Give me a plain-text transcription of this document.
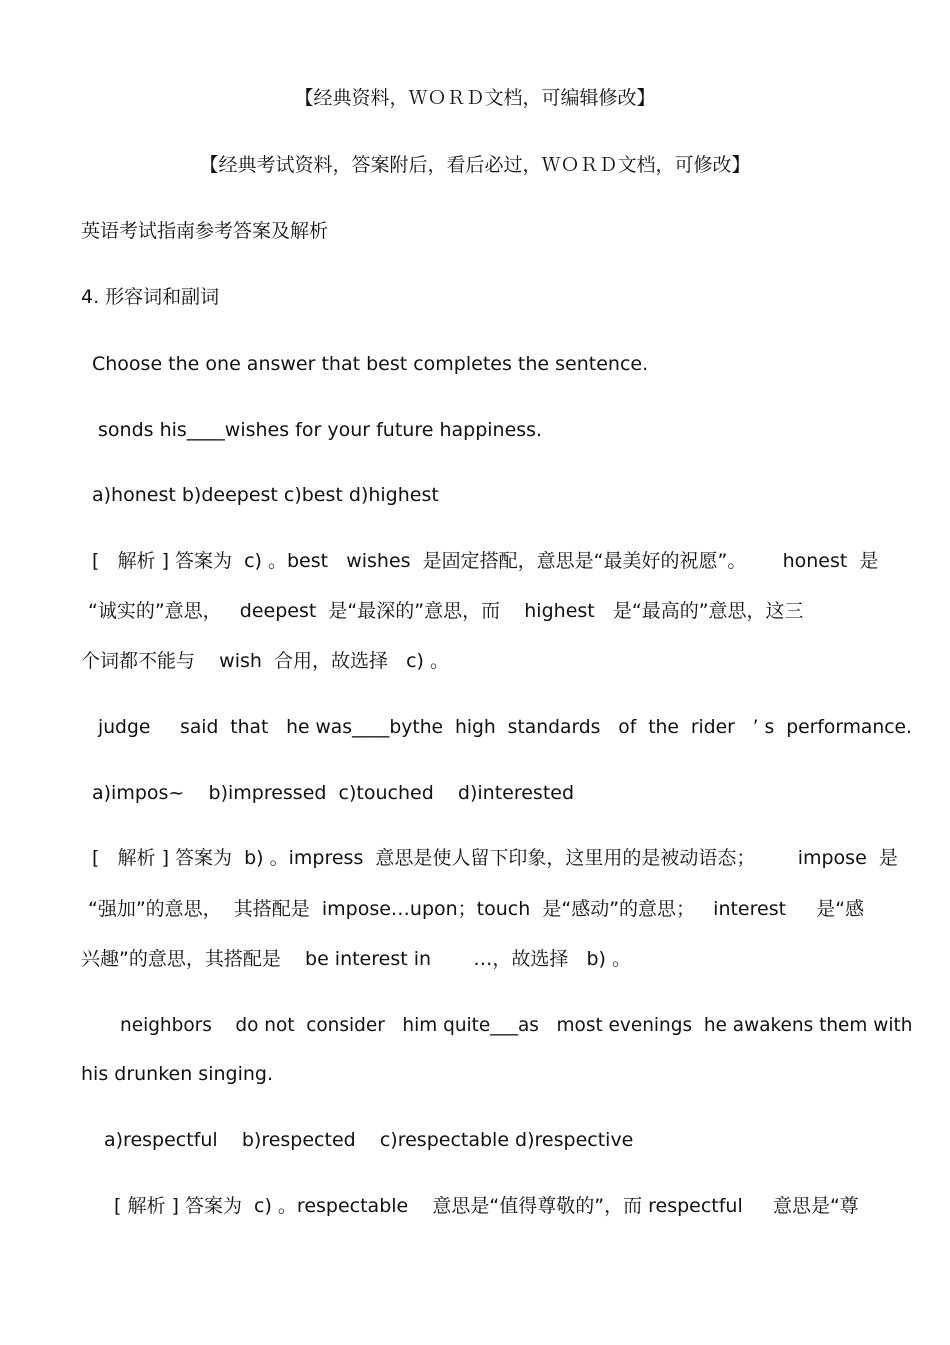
【经典资料，ＷＯＲＤ文档，可编辑修改】
【经典考试资料，答案附后，看后必过，ＷＯＲＤ文档，可修改】
英语考试指南参考答案及解析
4. 形容词和副词
Choose the one answer that best completes the sentence.
sonds his____wishes for your future happiness.
a)honest b)deepest c)best d)highest
[   解析 ] 答案为  c) 。best   wishes  是固定搭配，意思是“最美好的祝愿”。      honest  是
“诚实的”意思，   deepest  是“最深的”意思，而    highest   是“最高的”意思，这三
个词都不能与    wish  合用，故选择   c) 。
judge     said  that   he was____bythe  high  standards   of  the  rider   ’ s  performance.
a)impos~    b)impressed  c)touched    d)interested
[   解析 ] 答案为  b) 。impress  意思是使人留下印象，这里用的是被动语态；       impose  是
“强加”的意思，  其搭配是  impose…upon；touch  是“感动”的意思；   interest     是“感
兴趣”的意思，其搭配是    be interest in       …，故选择   b) 。
neighbors    do not  consider   him quite___as   most evenings  he awakens them with
his drunken singing.
a)respectful    b)respected    c)respectable d)respective
[ 解析 ] 答案为  c) 。respectable    意思是“值得尊敬的”，而 respectful     意思是“尊
